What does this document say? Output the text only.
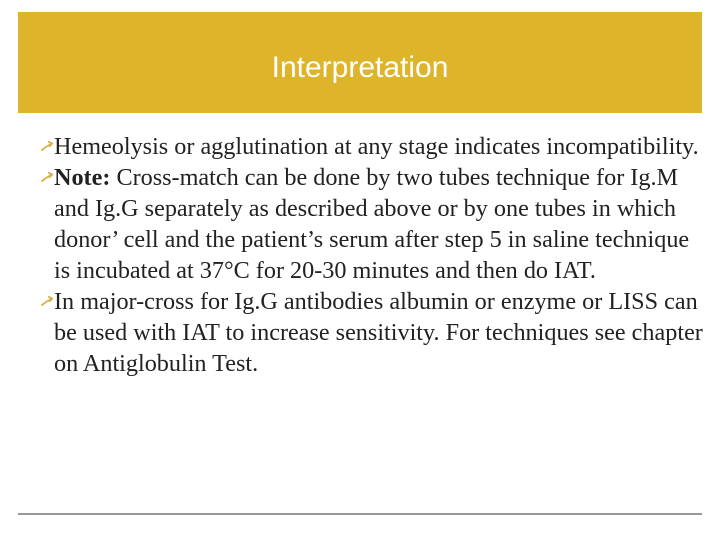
Interpretation
Hemeolysis or agglutination at any stage indicates incompatibility.
Note: Cross-match can be done by two tubes technique for Ig.M and Ig.G separately as described above or by one tubes in which donor’ cell and the patient’s serum after step 5 in saline technique is incubated at 37°C for 20-30 minutes and then do IAT.
In major-cross for Ig.G antibodies albumin or enzyme or LISS can be used with IAT to increase sensitivity. For techniques see chapter on Antiglobulin Test.
